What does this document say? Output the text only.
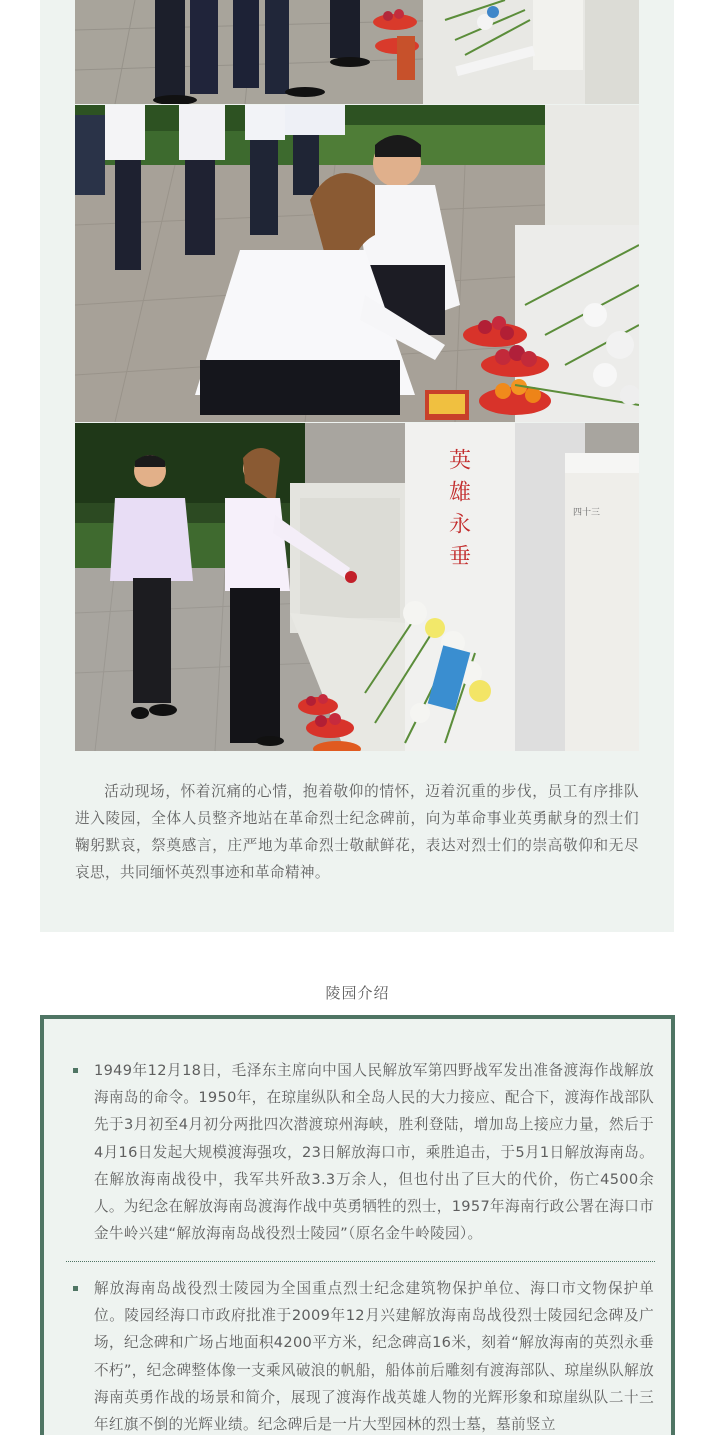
英雄永垂	四十三

活动现场，怀着沉痛的心情，抱着敬仰的情怀，迈着沉重的步伐，员工有序排队进入陵园，全体人员整齐地站在革命烈士纪念碑前，向为革命事业英勇献身的烈士们鞠躬默哀，祭奠感言，庄严地为革命烈士敬献鲜花，表达对烈士们的崇高敬仰和无尽哀思，共同缅怀英烈事迹和革命精神。

陵园介绍

1949年12月18日，毛泽东主席向中国人民解放军第四野战军发出准备渡海作战解放海南岛的命令。1950年，在琼崖纵队和全岛人民的大力接应、配合下，渡海作战部队先于3月初至4月初分两批四次潜渡琼州海峡，胜利登陆，增加岛上接应力量，然后于4月16日发起大规模渡海强攻，23日解放海口市，乘胜追击，于5月1日解放海南岛。在解放海南战役中，我军共歼敌3.3万余人，但也付出了巨大的代价，伤亡4500余人。为纪念在解放海南岛渡海作战中英勇牺牲的烈士，1957年海南行政公署在海口市金牛岭兴建“解放海南岛战役烈士陵园”（原名金牛岭陵园）。

解放海南岛战役烈士陵园为全国重点烈士纪念建筑物保护单位、海口市文物保护单位。陵园经海口市政府批准于2009年12月兴建解放海南岛战役烈士陵园纪念碑及广场，纪念碑和广场占地面积4200平方米，纪念碑高16米，刻着“解放海南的英烈永垂不朽”，纪念碑整体像一支乘风破浪的帆船，船体前后雕刻有渡海部队、琼崖纵队解放海南英勇作战的场景和简介，展现了渡海作战英雄人物的光辉形象和琼崖纵队二十三年红旗不倒的光辉业绩。纪念碑后是一片大型园林的烈士墓，墓前竖立
